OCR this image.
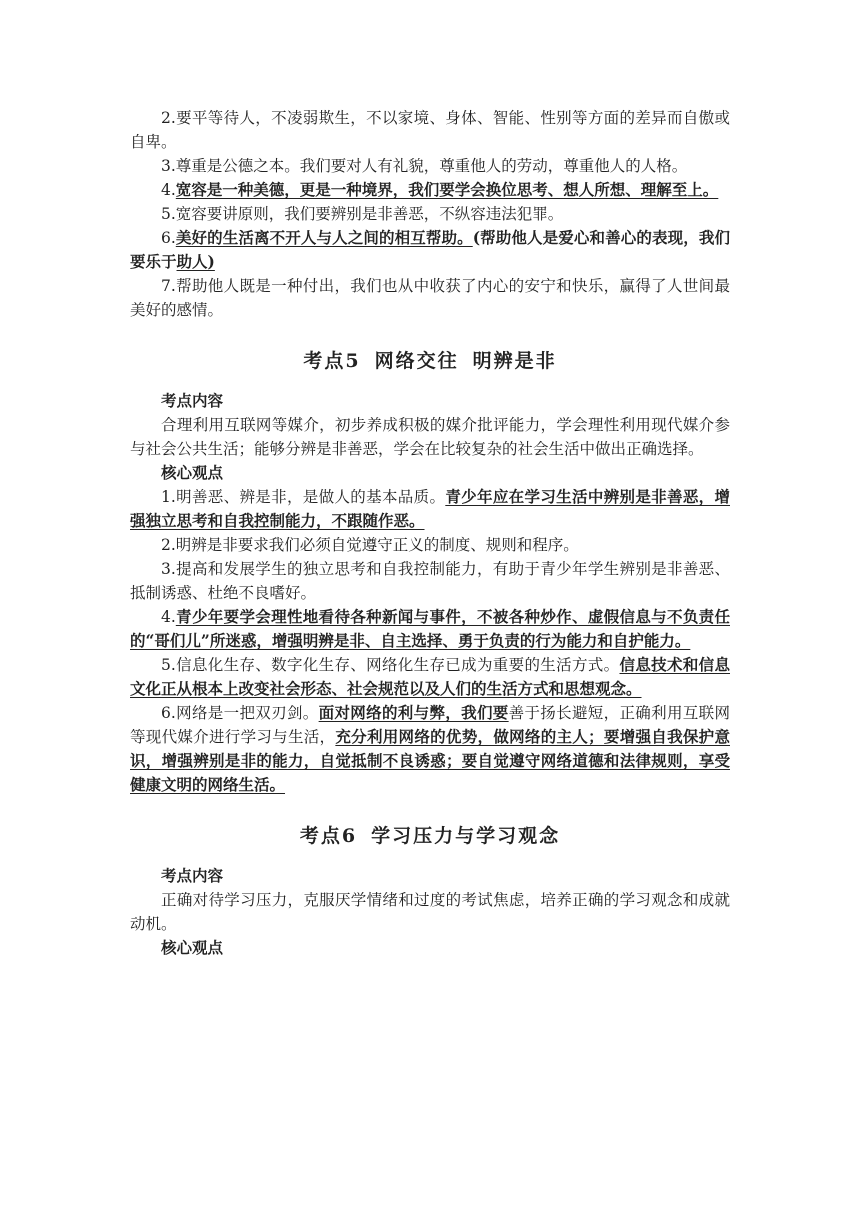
2.要平等待人，不凌弱欺生，不以家境、身体、智能、性别等方面的差异而自傲或自卑。

3.尊重是公德之本。我们要对人有礼貌，尊重他人的劳动，尊重他人的人格。

4.宽容是一种美德，更是一种境界，我们要学会换位思考、想人所想、理解至上。

5.宽容要讲原则，我们要辨别是非善恶，不纵容违法犯罪。

6.美好的生活离不开人与人之间的相互帮助。(帮助他人是爱心和善心的表现，我们要乐于助人)

7.帮助他人既是一种付出，我们也从中收获了内心的安宁和快乐，赢得了人世间最美好的感情。

考点5 网络交往 明辨是非
考点内容

合理利用互联网等媒介，初步养成积极的媒介批评能力，学会理性利用现代媒介参与社会公共生活；能够分辨是非善恶，学会在比较复杂的社会生活中做出正确选择。

核心观点

1.明善恶、辨是非，是做人的基本品质。青少年应在学习生活中辨别是非善恶，增强独立思考和自我控制能力，不跟随作恶。

2.明辨是非要求我们必须自觉遵守正义的制度、规则和程序。

3.提高和发展学生的独立思考和自我控制能力，有助于青少年学生辨别是非善恶、抵制诱惑、杜绝不良嗜好。

4.青少年要学会理性地看待各种新闻与事件，不被各种炒作、虚假信息与不负责任的“哥们儿”所迷惑，增强明辨是非、自主选择、勇于负责的行为能力和自护能力。

5.信息化生存、数字化生存、网络化生存已成为重要的生活方式。信息技术和信息文化正从根本上改变社会形态、社会规范以及人们的生活方式和思想观念。

6.网络是一把双刃剑。面对网络的利与弊，我们要善于扬长避短，正确利用互联网等现代媒介进行学习与生活，充分利用网络的优势，做网络的主人；要增强自我保护意识，增强辨别是非的能力，自觉抵制不良诱惑；要自觉遵守网络道德和法律规则，享受健康文明的网络生活。

考点6 学习压力与学习观念
考点内容

正确对待学习压力，克服厌学情绪和过度的考试焦虑，培养正确的学习观念和成就动机。

核心观点
